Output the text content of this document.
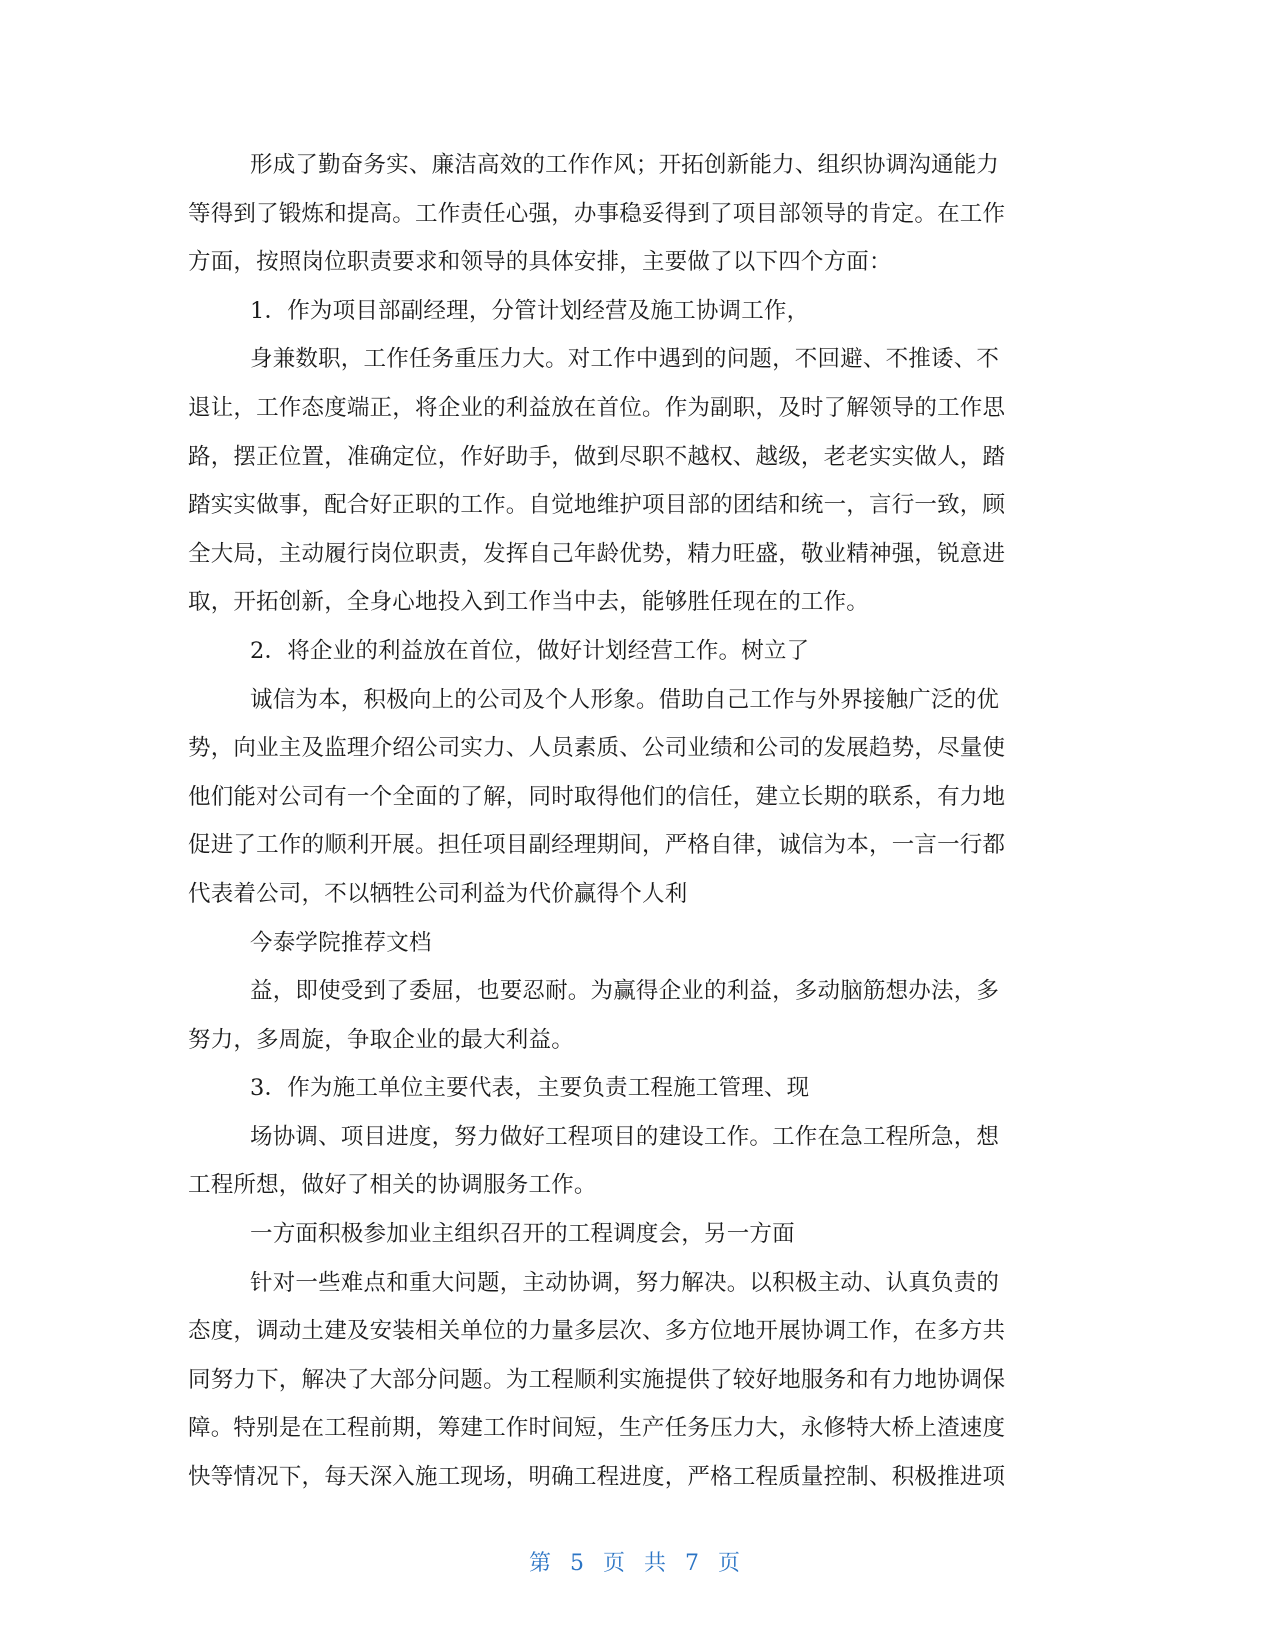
形成了勤奋务实、廉洁高效的工作作风；开拓创新能力、组织协调沟通能力
等得到了锻炼和提高。工作责任心强，办事稳妥得到了项目部领导的肯定。在工作
方面，按照岗位职责要求和领导的具体安排，主要做了以下四个方面：
1．作为项目部副经理，分管计划经营及施工协调工作，
身兼数职，工作任务重压力大。对工作中遇到的问题，不回避、不推诿、不
退让，工作态度端正，将企业的利益放在首位。作为副职，及时了解领导的工作思
路，摆正位置，准确定位，作好助手，做到尽职不越权、越级，老老实实做人，踏
踏实实做事，配合好正职的工作。自觉地维护项目部的团结和统一，言行一致，顾
全大局，主动履行岗位职责，发挥自己年龄优势，精力旺盛，敬业精神强，锐意进
取，开拓创新，全身心地投入到工作当中去，能够胜任现在的工作。
2．将企业的利益放在首位，做好计划经营工作。树立了
诚信为本，积极向上的公司及个人形象。借助自己工作与外界接触广泛的优
势，向业主及监理介绍公司实力、人员素质、公司业绩和公司的发展趋势，尽量使
他们能对公司有一个全面的了解，同时取得他们的信任，建立长期的联系，有力地
促进了工作的顺利开展。担任项目副经理期间，严格自律，诚信为本，一言一行都
代表着公司，不以牺牲公司利益为代价赢得个人利
今泰学院推荐文档
益，即使受到了委屈，也要忍耐。为赢得企业的利益，多动脑筋想办法，多
努力，多周旋，争取企业的最大利益。
3．作为施工单位主要代表，主要负责工程施工管理、现
场协调、项目进度，努力做好工程项目的建设工作。工作在急工程所急，想
工程所想，做好了相关的协调服务工作。
一方面积极参加业主组织召开的工程调度会，另一方面
针对一些难点和重大问题，主动协调，努力解决。以积极主动、认真负责的
态度，调动土建及安装相关单位的力量多层次、多方位地开展协调工作，在多方共
同努力下，解决了大部分问题。为工程顺利实施提供了较好地服务和有力地协调保
障。特别是在工程前期，筹建工作时间短，生产任务压力大，永修特大桥上渣速度
快等情况下，每天深入施工现场，明确工程进度，严格工程质量控制、积极推进项
第 5 页 共 7 页
